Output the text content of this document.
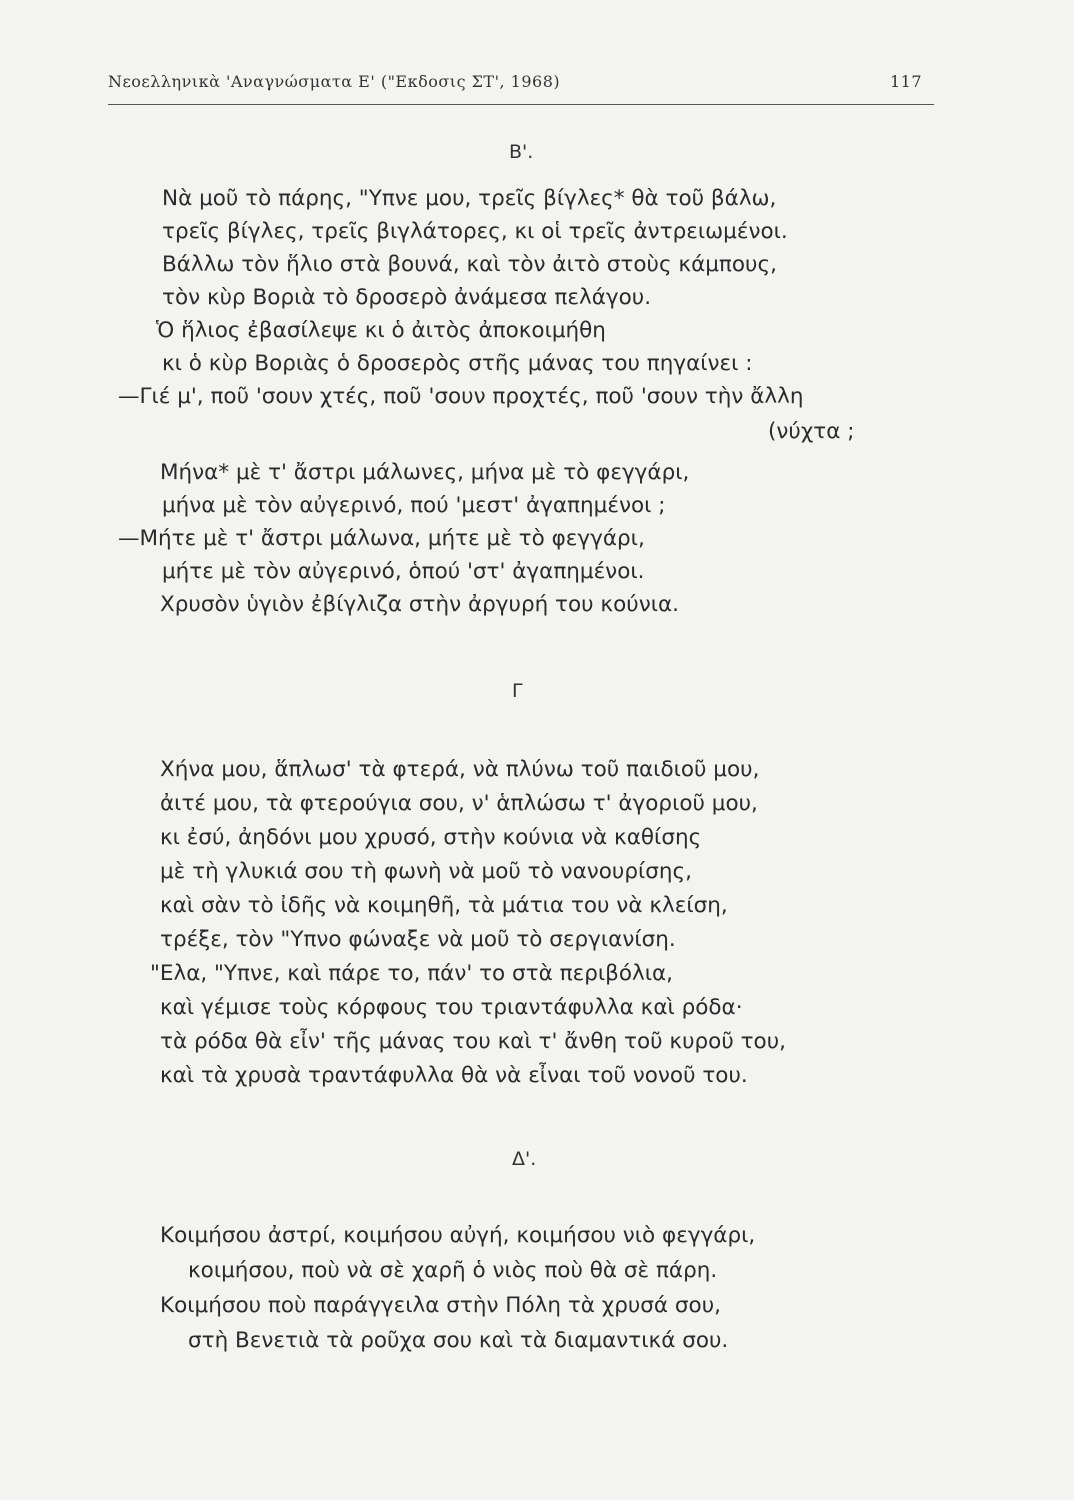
Νεοελληνικὰ 'Αναγνώσματα Ε' ("Εκδοσις ΣΤ', 1968)	117
Β'.
Νὰ μοῦ τὸ πάρης, "Υπνε μου, τρεῖς βίγλες* θὰ τοῦ βάλω,
τρεῖς βίγλες, τρεῖς βιγλάτορες, κι οἱ τρεῖς ἀντρειωμένοι.
Βάλλω τὸν ἥλιο στὰ βουνά, καὶ τὸν ἀιτὸ στοὺς κάμπους,
τὸν κὺρ Βοριὰ τὸ δροσερὸ ἀνάμεσα πελάγου.
Ὁ ἥλιος ἐβασίλεψε κι ὁ ἀιτὸς ἀποκοιμήθη
κι ὁ κὺρ Βοριὰς ὁ δροσερὸς στῆς μάνας του πηγαίνει :
—Γιέ μ', ποῦ 'σουν χτές, ποῦ 'σουν προχτές, ποῦ 'σουν τὴν ἄλλη
(νύχτα ;
Μήνα* μὲ τ' ἄστρι μάλωνες, μήνα μὲ τὸ φεγγάρι,
μήνα μὲ τὸν αὐγερινό, πού 'μεστ' ἀγαπημένοι ;
—Μήτε μὲ τ' ἄστρι μάλωνα, μήτε μὲ τὸ φεγγάρι,
μήτε μὲ τὸν αὐγερινό, ὁπού 'στ' ἀγαπημένοι.
Χρυσὸν ὑγιὸν ἐβίγλιζα στὴν ἀργυρή του κούνια.
Γ
Χήνα μου, ἅπλωσ' τὰ φτερά, νὰ πλύνω τοῦ παιδιοῦ μου,
ἀιτέ μου, τὰ φτερούγια σου, ν' ἁπλώσω τ' ἀγοριοῦ μου,
κι ἐσύ, ἀηδόνι μου χρυσό, στὴν κούνια νὰ καθίσης
μὲ τὴ γλυκιά σου τὴ φωνὴ νὰ μοῦ τὸ νανουρίσης,
καὶ σὰν τὸ ἰδῆς νὰ κοιμηθῆ, τὰ μάτια του νὰ κλείση,
τρέξε, τὸν "Υπνο φώναξε νὰ μοῦ τὸ σεργιανίση.
"Ελα, "Υπνε, καὶ πάρε το, πάν' το στὰ περιβόλια,
καὶ γέμισε τοὺς κόρφους του τριαντάφυλλα καὶ ρόδα·
τὰ ρόδα θὰ εἶν' τῆς μάνας του καὶ τ' ἄνθη τοῦ κυροῦ του,
καὶ τὰ χρυσὰ τραντάφυλλα θὰ νὰ εἶναι τοῦ νονοῦ του.
Δ'.
Κοιμήσου ἀστρί, κοιμήσου αὐγή, κοιμήσου νιὸ φεγγάρι,
κοιμήσου, ποὺ νὰ σὲ χαρῆ ὁ νιὸς ποὺ θὰ σὲ πάρη.
Κοιμήσου ποὺ παράγγειλα στὴν Πόλη τὰ χρυσά σου,
στὴ Βενετιὰ τὰ ροῦχα σου καὶ τὰ διαμαντικά σου.
